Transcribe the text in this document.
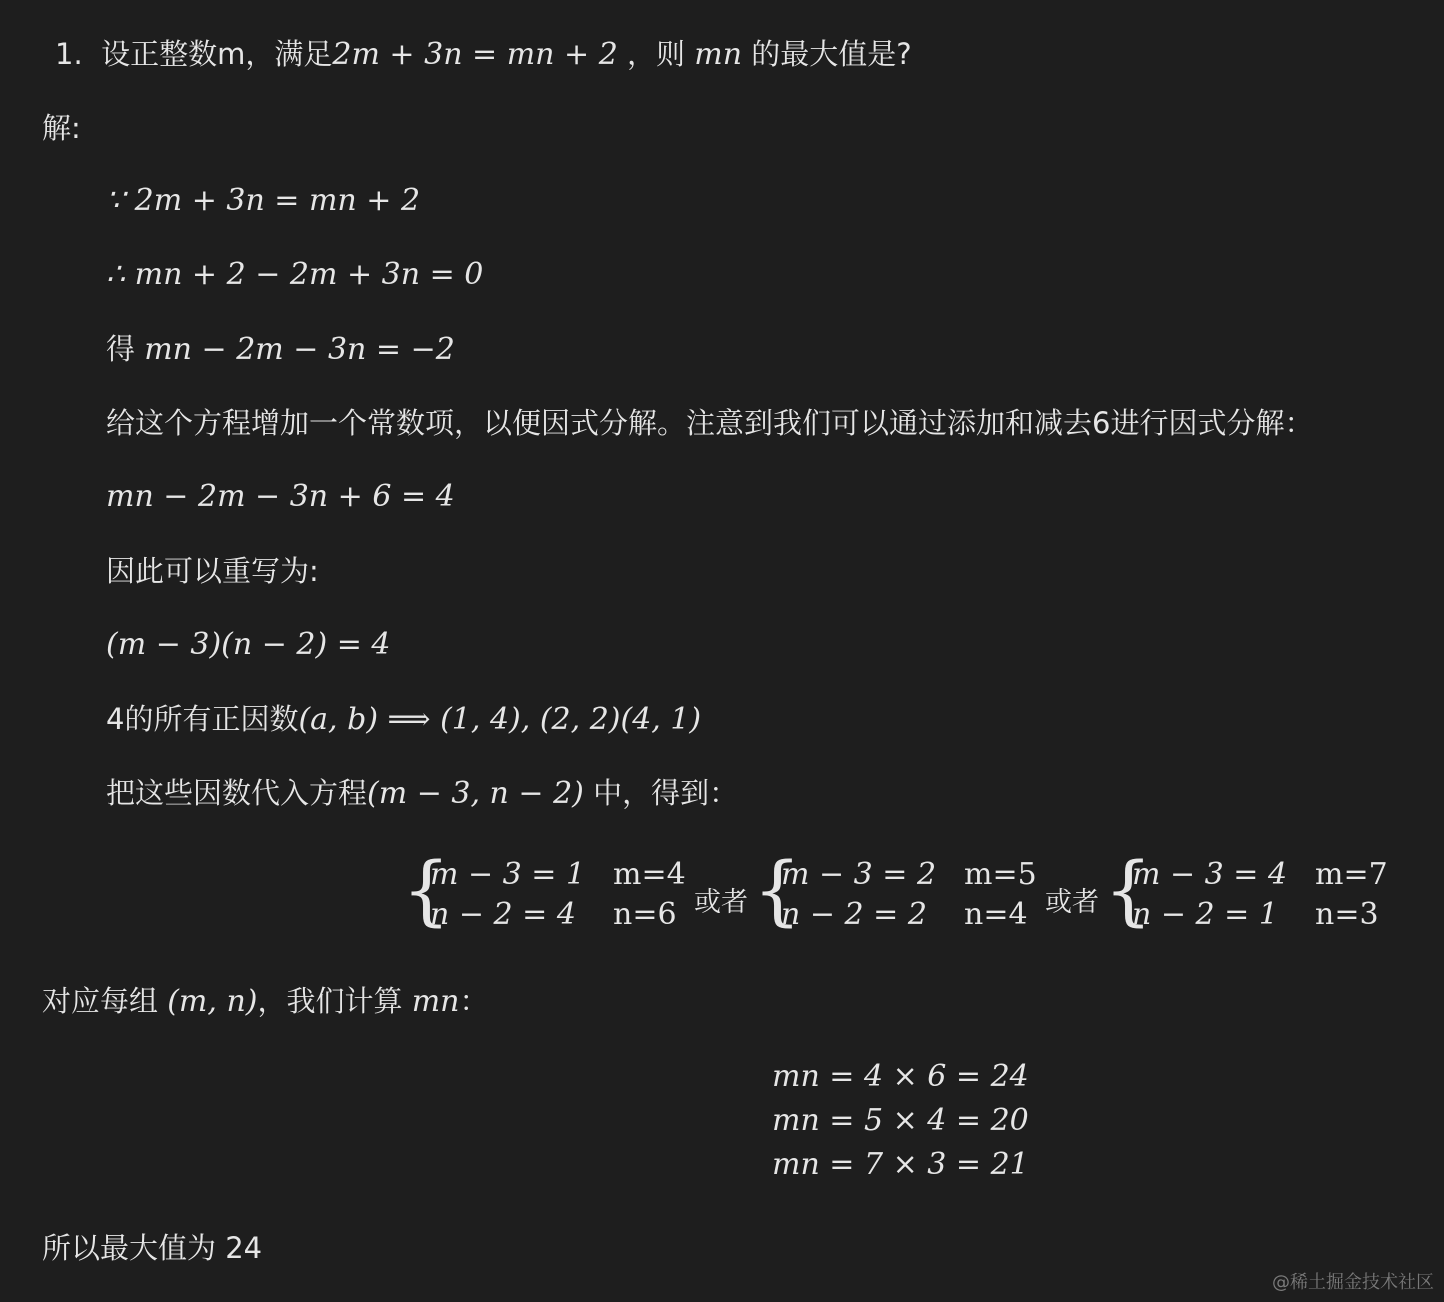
1. 设正整数m，满足2m + 3n = mn + 2 ，则 mn 的最大值是?
解:
∵ 2m + 3n = mn + 2
∴ mn + 2 − 2m + 3n = 0
得 mn − 2m − 3n = −2
给这个方程增加一个常数项，以便因式分解。注意到我们可以通过添加和减去6进行因式分解：
mn − 2m − 3n + 6 = 4
因此可以重写为:
(m − 3)(n − 2) = 4
4的所有正因数(a, b) ⟹ (1, 4), (2, 2)(4, 1)
把这些因数代入方程(m − 3, n − 2) 中，得到：
{
m − 3 = 1
n − 2 = 4
m=4
n=6 或者 {
m − 3 = 2
n − 2 = 2
m=5
n=4 或者 {
m − 3 = 4
n − 2 = 1
m=7
n=3
对应每组 (m, n)，我们计算 mn：
mn = 4 × 6 = 24
mn = 5 × 4 = 20
mn = 7 × 3 = 21
所以最大值为 24
@稀土掘金技术社区
